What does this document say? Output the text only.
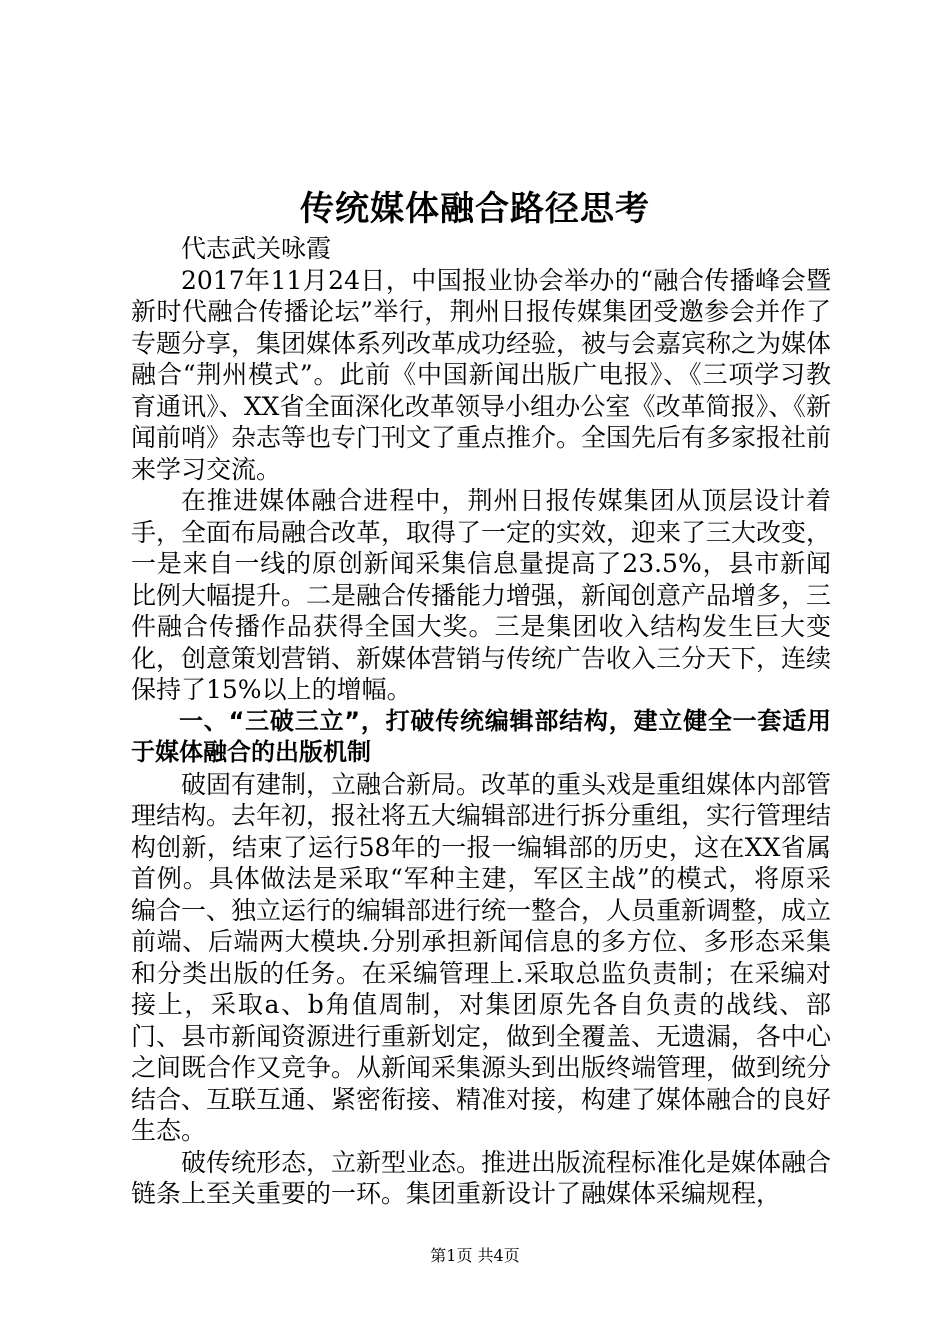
传统媒体融合路径思考

代志武关咏霞

2017年11月24日，中国报业协会举办的“融合传播峰会暨新时代融合传播论坛”举行，荆州日报传媒集团受邀参会并作了专题分享，集团媒体系列改革成功经验，被与会嘉宾称之为媒体融合“荆州模式”。此前《中国新闻出版广电报》、《三项学习教育通讯》、XX省全面深化改革领导小组办公室《改革简报》、《新闻前哨》杂志等也专门刊文了重点推介。全国先后有多家报社前来学习交流。

在推进媒体融合进程中，荆州日报传媒集团从顶层设计着手，全面布局融合改革，取得了一定的实效，迎来了三大改变，一是来自一线的原创新闻采集信息量提高了23.5%，县市新闻比例大幅提升。二是融合传播能力增强，新闻创意产品增多，三件融合传播作品获得全国大奖。三是集团收入结构发生巨大变化，创意策划营销、新媒体营销与传统广告收入三分天下，连续保持了15%以上的增幅。

一、“三破三立”，打破传统编辑部结构，建立健全一套适用于媒体融合的出版机制

破固有建制，立融合新局。改革的重头戏是重组媒体内部管理结构。去年初，报社将五大编辑部进行拆分重组，实行管理结构创新，结束了运行58年的一报一编辑部的历史，这在XX省属首例。具体做法是采取“军种主建，军区主战”的模式，将原采编合一、独立运行的编辑部进行统一整合，人员重新调整，成立前端、后端两大模块.分别承担新闻信息的多方位、多形态采集和分类出版的任务。在采编管理上.采取总监负责制；在采编对接上，采取a、b角值周制，对集团原先各自负责的战线、部门、县市新闻资源进行重新划定，做到全覆盖、无遗漏，各中心之间既合作又竞争。从新闻采集源头到出版终端管理，做到统分结合、互联互通、紧密衔接、精准对接，构建了媒体融合的良好生态。

破传统形态，立新型业态。推进出版流程标准化是媒体融合链条上至关重要的一环。集团重新设计了融媒体采编规程，

第1页 共4页
